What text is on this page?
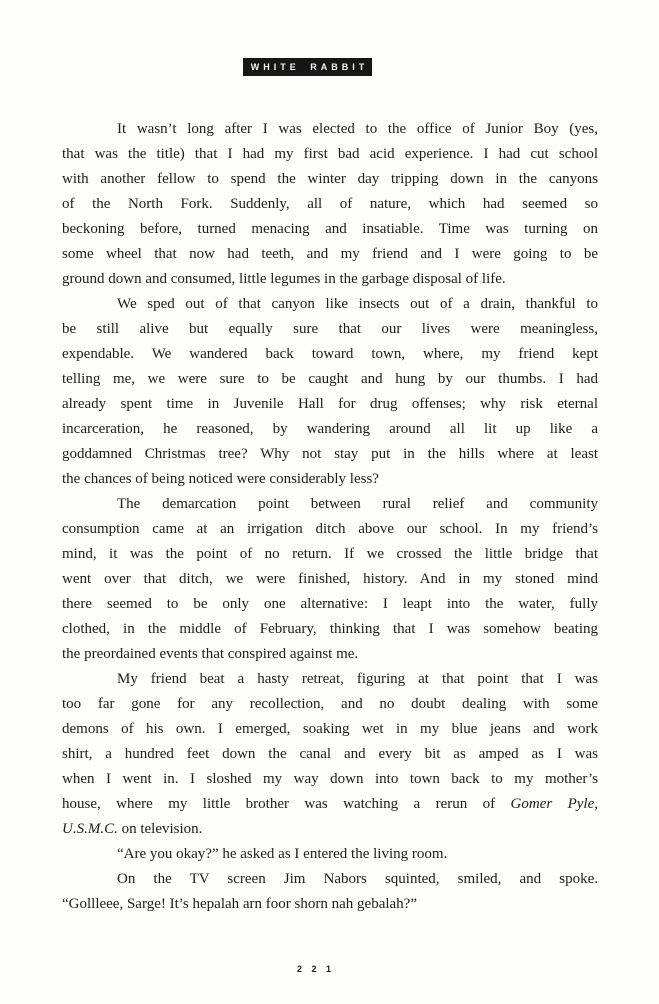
WHITE RABBIT
It wasn’t long after I was elected to the office of Junior Boy (yes,
that was the title) that I had my first bad acid experience. I had cut school
with another fellow to spend the winter day tripping down in the canyons
of the North Fork. Suddenly, all of nature, which had seemed so
beckoning before, turned menacing and insatiable. Time was turning on
some wheel that now had teeth, and my friend and I were going to be
ground down and consumed, little legumes in the garbage disposal of life.
We sped out of that canyon like insects out of a drain, thankful to
be still alive but equally sure that our lives were meaningless,
expendable. We wandered back toward town, where, my friend kept
telling me, we were sure to be caught and hung by our thumbs. I had
already spent time in Juvenile Hall for drug offenses; why risk eternal
incarceration, he reasoned, by wandering around all lit up like a
goddamned Christmas tree? Why not stay put in the hills where at least
the chances of being noticed were considerably less?
The demarcation point between rural relief and community
consumption came at an irrigation ditch above our school. In my friend’s
mind, it was the point of no return. If we crossed the little bridge that
went over that ditch, we were finished, history. And in my stoned mind
there seemed to be only one alternative: I leapt into the water, fully
clothed, in the middle of February, thinking that I was somehow beating
the preordained events that conspired against me.
My friend beat a hasty retreat, figuring at that point that I was
too far gone for any recollection, and no doubt dealing with some
demons of his own. I emerged, soaking wet in my blue jeans and work
shirt, a hundred feet down the canal and every bit as amped as I was
when I went in. I sloshed my way down into town back to my mother’s
house, where my little brother was watching a rerun of Gomer Pyle,
U.S.M.C. on television.
“Are you okay?” he asked as I entered the living room.
On the TV screen Jim Nabors squinted, smiled, and spoke.
“Gollleee, Sarge! It’s hepalah arn foor shorn nah gebalah?”
2 2 1
